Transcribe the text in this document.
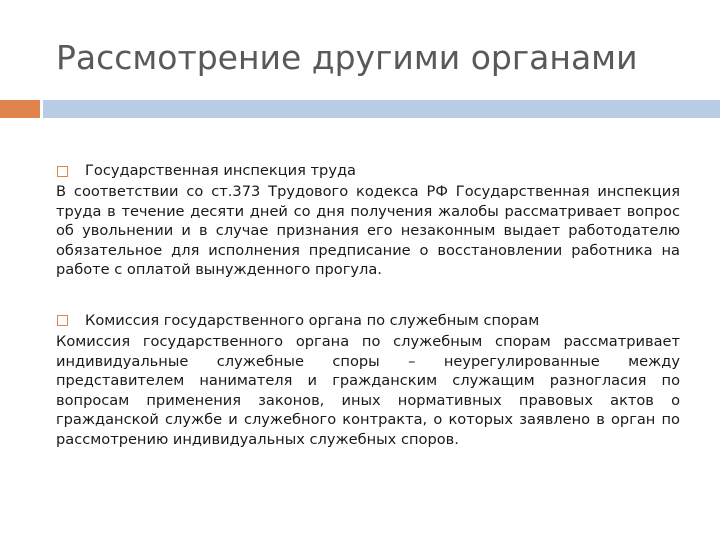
Рассмотрение другими органами
Государственная инспекция труда

В соответствии со ст.373 Трудового кодекса РФ Государственная инспекция труда в течение десяти дней со дня получения жалобы рассматривает вопрос об увольнении и в случае признания его незаконным выдает работодателю обязательное для исполнения предписание о восстановлении работника на работе с оплатой вынужденного прогула.

Комиссия государственного органа по служебным спорам

Комиссия государственного органа по служебным спорам рассматривает индивидуальные служебные споры – неурегулированные между представителем нанимателя и гражданским служащим разногласия по вопросам применения законов, иных нормативных правовых актов о гражданской службе и служебного контракта, о которых заявлено в орган по рассмотрению индивидуальных служебных споров.
